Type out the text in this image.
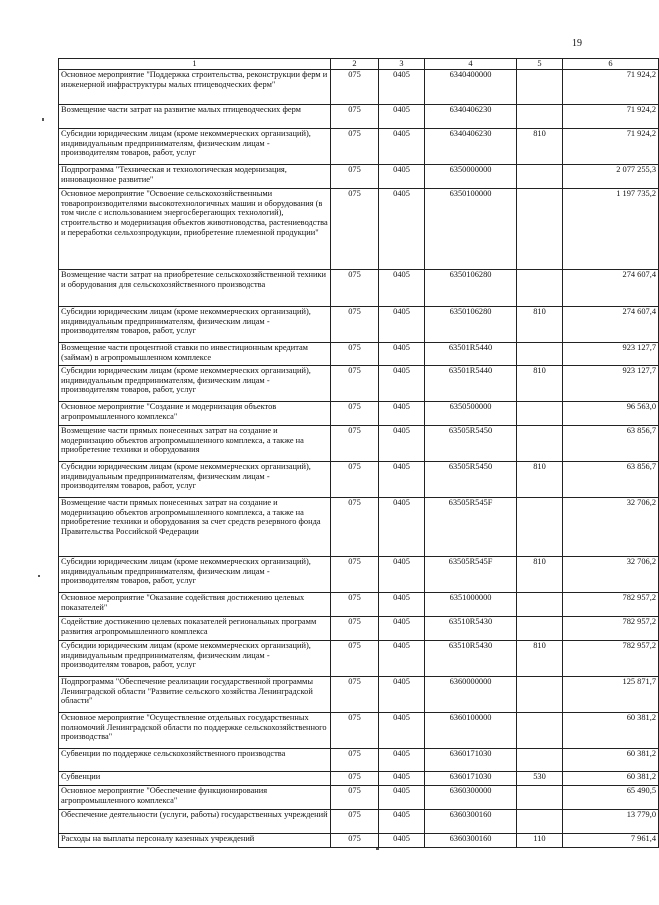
19
1	2	3	4	5	6
Основное мероприятие "Поддержка строительства, реконструкции ферм и инженерной инфраструктуры малых птицеводческих ферм"	075	0405	6340400000		71 924,2
Возмещение части затрат на развитие малых птицеводческих ферм	075	0405	6340406230		71 924,2
Субсидии юридическим лицам (кроме некоммерческих организаций), индивидуальным предпринимателям, физическим лицам - производителям товаров, работ, услуг	075	0405	6340406230	810	71 924,2
Подпрограмма "Техническая и технологическая модернизация, инновационное развитие"	075	0405	6350000000		2 077 255,3
Основное мероприятие "Освоение сельскохозяйственными товаропроизводителями высокотехнологичных машин и оборудования (в том числе с использованием энергосберегающих технологий), строительство и модернизация объектов животноводства, растениеводства и переработки сельхозпродукции, приобретение племенной продукции"	075	0405	6350100000		1 197 735,2
Возмещение части затрат на приобретение сельскохозяйственной техники и оборудования для сельскохозяйственного производства	075	0405	6350106280		274 607,4
Субсидии юридическим лицам (кроме некоммерческих организаций), индивидуальным предпринимателям, физическим лицам - производителям товаров, работ, услуг	075	0405	6350106280	810	274 607,4
Возмещение части процентной ставки по инвестиционным кредитам (займам) в агропромышленном комплексе	075	0405	63501R5440		923 127,7
Субсидии юридическим лицам (кроме некоммерческих организаций), индивидуальным предпринимателям, физическим лицам - производителям товаров, работ, услуг	075	0405	63501R5440	810	923 127,7
Основное мероприятие "Создание и модернизация объектов агропромышленного комплекса"	075	0405	6350500000		96 563,0
Возмещение части прямых понесенных затрат на создание и модернизацию объектов агропромышленного комплекса, а также на приобретение техники и оборудования	075	0405	63505R5450		63 856,7
Субсидии юридическим лицам (кроме некоммерческих организаций), индивидуальным предпринимателям, физическим лицам - производителям товаров, работ, услуг	075	0405	63505R5450	810	63 856,7
Возмещение части прямых понесенных затрат на создание и модернизацию объектов агропромышленного комплекса, а также на приобретение техники и оборудования за счет средств резервного фонда Правительства Российской Федерации	075	0405	63505R545F		32 706,2
Субсидии юридическим лицам (кроме некоммерческих организаций), индивидуальным предпринимателям, физическим лицам - производителям товаров, работ, услуг	075	0405	63505R545F	810	32 706,2
Основное мероприятие "Оказание содействия достижению целевых показателей"	075	0405	6351000000		782 957,2
Содействие достижению целевых показателей региональных программ развития агропромышленного комплекса	075	0405	63510R5430		782 957,2
Субсидии юридическим лицам (кроме некоммерческих организаций), индивидуальным предпринимателям, физическим лицам - производителям товаров, работ, услуг	075	0405	63510R5430	810	782 957,2
Подпрограмма "Обеспечение реализации государственной программы Ленинградской области "Развитие сельского хозяйства Ленинградской области"	075	0405	6360000000		125 871,7
Основное мероприятие "Осуществление отдельных государственных полномочий Ленинградской области по поддержке сельскохозяйственного производства"	075	0405	6360100000		60 381,2
Субвенции по поддержке сельскохозяйственного производства	075	0405	6360171030		60 381,2
Субвенции	075	0405	6360171030	530	60 381,2
Основное мероприятие "Обеспечение функционирования агропромышленного комплекса"	075	0405	6360300000		65 490,5
Обеспечение деятельности (услуги, работы) государственных учреждений	075	0405	6360300160		13 779,0
Расходы на выплаты персоналу казенных учреждений	075	0405	6360300160	110	7 961,4
